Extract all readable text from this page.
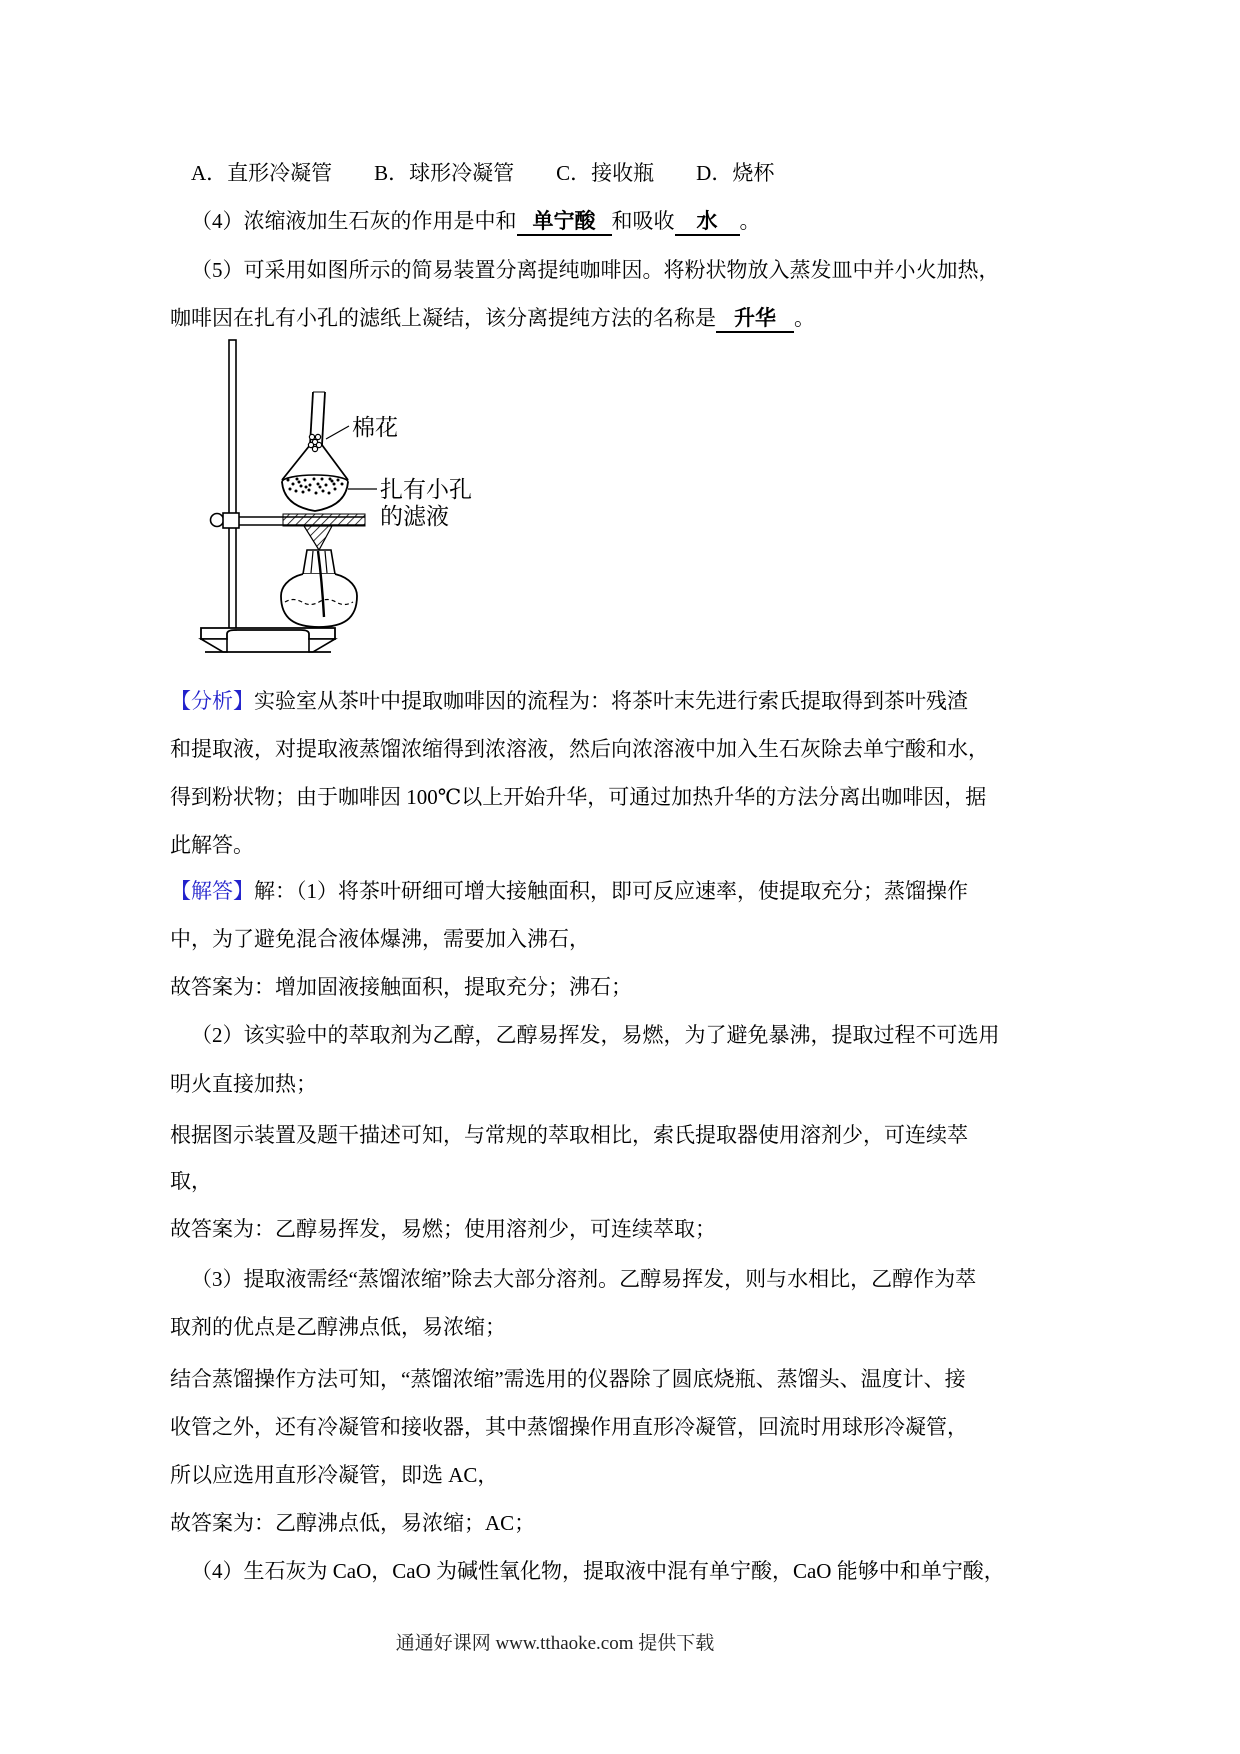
A．直形冷凝管　　B．球形冷凝管　　C．接收瓶　　D．烧杯
（4）浓缩液加生石灰的作用是中和 单宁酸 和吸收 水 。
（5）可采用如图所示的简易装置分离提纯咖啡因。将粉状物放入蒸发皿中并小火加热，
咖啡因在扎有小孔的滤纸上凝结，该分离提纯方法的名称是 升华 。
棉花
扎有小孔
的滤液
【分析】实验室从茶叶中提取咖啡因的流程为：将茶叶末先进行索氏提取得到茶叶残渣
和提取液，对提取液蒸馏浓缩得到浓溶液，然后向浓溶液中加入生石灰除去单宁酸和水，
得到粉状物；由于咖啡因 100℃以上开始升华，可通过加热升华的方法分离出咖啡因，据
此解答。
【解答】解：（1）将茶叶研细可增大接触面积，即可反应速率，使提取充分；蒸馏操作
中，为了避免混合液体爆沸，需要加入沸石，
故答案为：增加固液接触面积，提取充分；沸石；
（2）该实验中的萃取剂为乙醇，乙醇易挥发，易燃，为了避免暴沸，提取过程不可选用
明火直接加热；
根据图示装置及题干描述可知，与常规的萃取相比，索氏提取器使用溶剂少，可连续萃
取，
故答案为：乙醇易挥发，易燃；使用溶剂少，可连续萃取；
（3）提取液需经“蒸馏浓缩”除去大部分溶剂。乙醇易挥发，则与水相比，乙醇作为萃
取剂的优点是乙醇沸点低，易浓缩；
结合蒸馏操作方法可知，“蒸馏浓缩”需选用的仪器除了圆底烧瓶、蒸馏头、温度计、接
收管之外，还有冷凝管和接收器，其中蒸馏操作用直形冷凝管，回流时用球形冷凝管，
所以应选用直形冷凝管，即选 AC，
故答案为：乙醇沸点低，易浓缩；AC；
（4）生石灰为 CaO，CaO 为碱性氧化物，提取液中混有单宁酸，CaO 能够中和单宁酸，
通通好课网 www.tthaoke.com 提供下载
